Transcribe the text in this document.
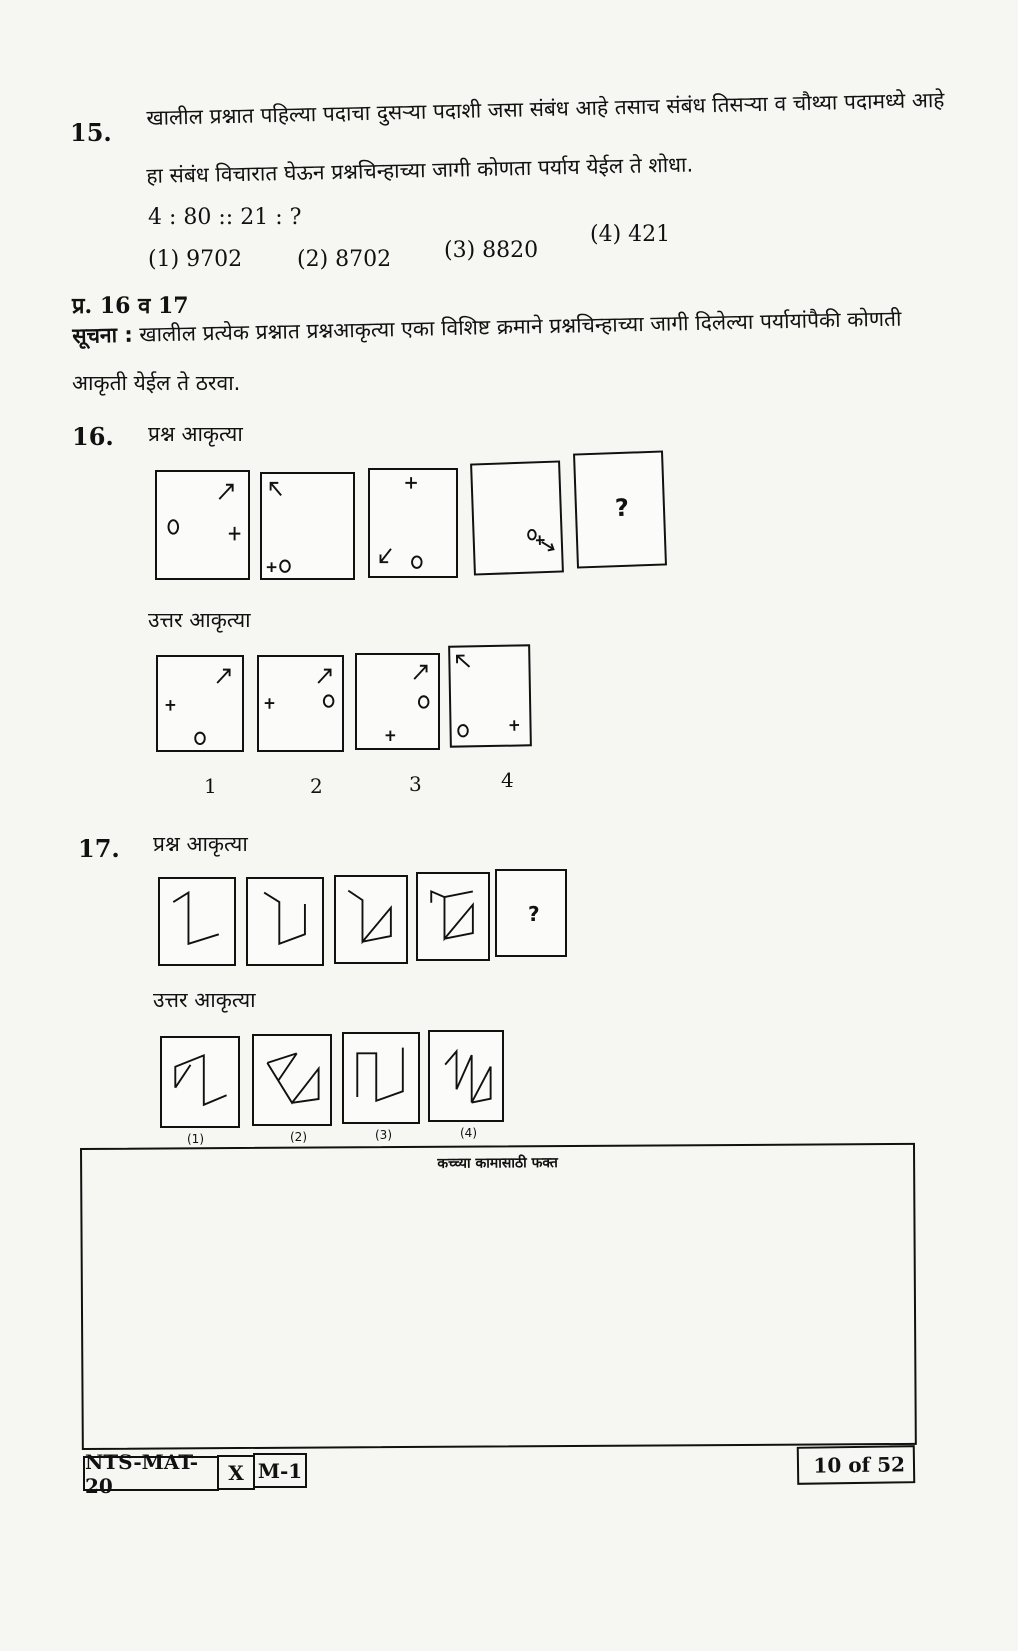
15.
खालील प्रश्नात पहिल्या पदाचा दुसऱ्या पदाशी जसा संबंध आहे तसाच संबंध तिसऱ्या व चौथ्या पदामध्ये आहे
हा संबंध विचारात घेऊन प्रश्नचिन्हाच्या जागी कोणता पर्याय येईल ते शोधा.
4 : 80 :: 21 : ?
(1) 9702 (2) 8702 (3) 8820
(4) 421
प्र. 16 व 17
सूचना : खालील प्रत्येक प्रश्नात प्रश्नआकृत्या एका विशिष्ट क्रमाने प्रश्नचिन्हाच्या जागी दिलेल्या पर्यायांपैकी कोणती
आकृती येईल ते ठरवा.
16. प्रश्न आकृत्या
?
उत्तर आकृत्या
1	2	3	4
17. प्रश्न आकृत्या
?
उत्तर आकृत्या
(1)	(2)	(3)	(4)
कच्च्या कामासाठी फक्त
NTS-MAT-20
X M-1	10 of 52
